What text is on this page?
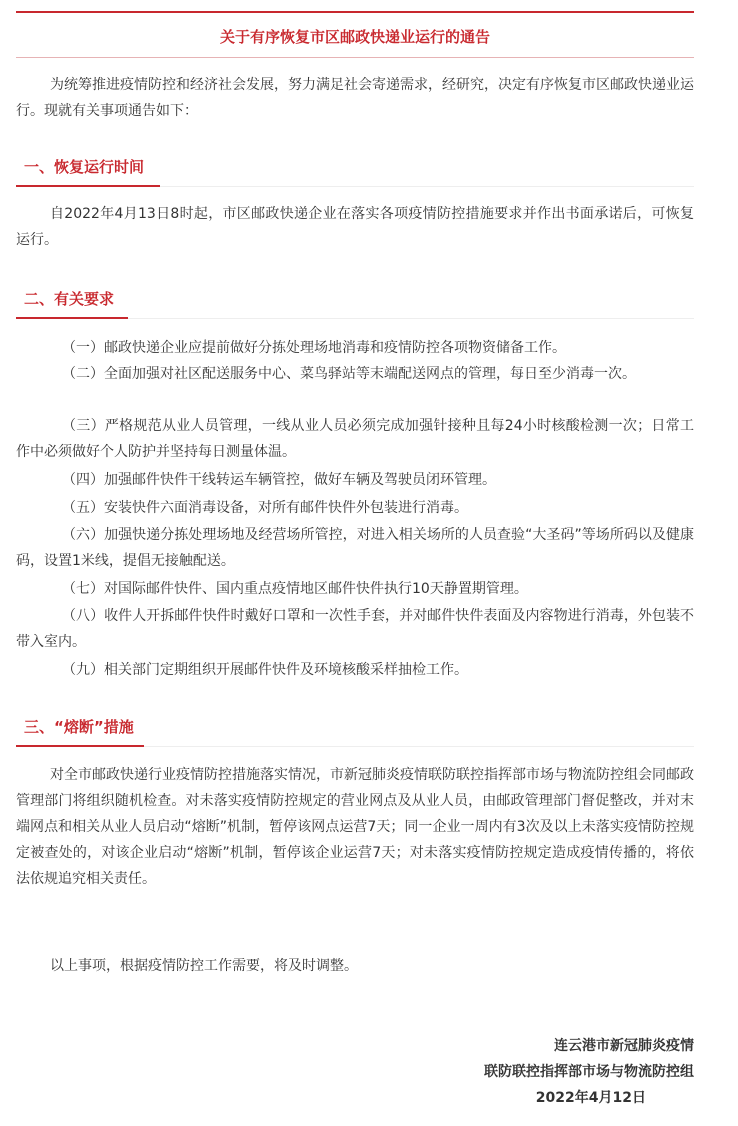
关于有序恢复市区邮政快递业运行的通告

为统筹推进疫情防控和经济社会发展，努力满足社会寄递需求，经研究，决定有序恢复市区邮政快递业运行。现就有关事项通告如下：

一、恢复运行时间

自2022年4月13日8时起，市区邮政快递企业在落实各项疫情防控措施要求并作出书面承诺后，可恢复运行。

二、有关要求

（一）邮政快递企业应提前做好分拣处理场地消毒和疫情防控各项物资储备工作。

（二）全面加强对社区配送服务中心、菜鸟驿站等末端配送网点的管理，每日至少消毒一次。

（三）严格规范从业人员管理，一线从业人员必须完成加强针接种且每24小时核酸检测一次；日常工作中必须做好个人防护并坚持每日测量体温。

（四）加强邮件快件干线转运车辆管控，做好车辆及驾驶员闭环管理。

（五）安装快件六面消毒设备，对所有邮件快件外包装进行消毒。

（六）加强快递分拣处理场地及经营场所管控，对进入相关场所的人员查验“大圣码”等场所码以及健康码，设置1米线，提倡无接触配送。

（七）对国际邮件快件、国内重点疫情地区邮件快件执行10天静置期管理。

（八）收件人开拆邮件快件时戴好口罩和一次性手套，并对邮件快件表面及内容物进行消毒，外包装不带入室内。

（九）相关部门定期组织开展邮件快件及环境核酸采样抽检工作。

三、“熔断”措施

对全市邮政快递行业疫情防控措施落实情况，市新冠肺炎疫情联防联控指挥部市场与物流防控组会同邮政管理部门将组织随机检查。对未落实疫情防控规定的营业网点及从业人员，由邮政管理部门督促整改，并对末端网点和相关从业人员启动“熔断”机制，暂停该网点运营7天；同一企业一周内有3次及以上未落实疫情防控规定被查处的，对该企业启动“熔断”机制，暂停该企业运营7天；对未落实疫情防控规定造成疫情传播的，将依法依规追究相关责任。

以上事项，根据疫情防控工作需要，将及时调整。

连云港市新冠肺炎疫情
联防联控指挥部市场与物流防控组
2022年4月12日
